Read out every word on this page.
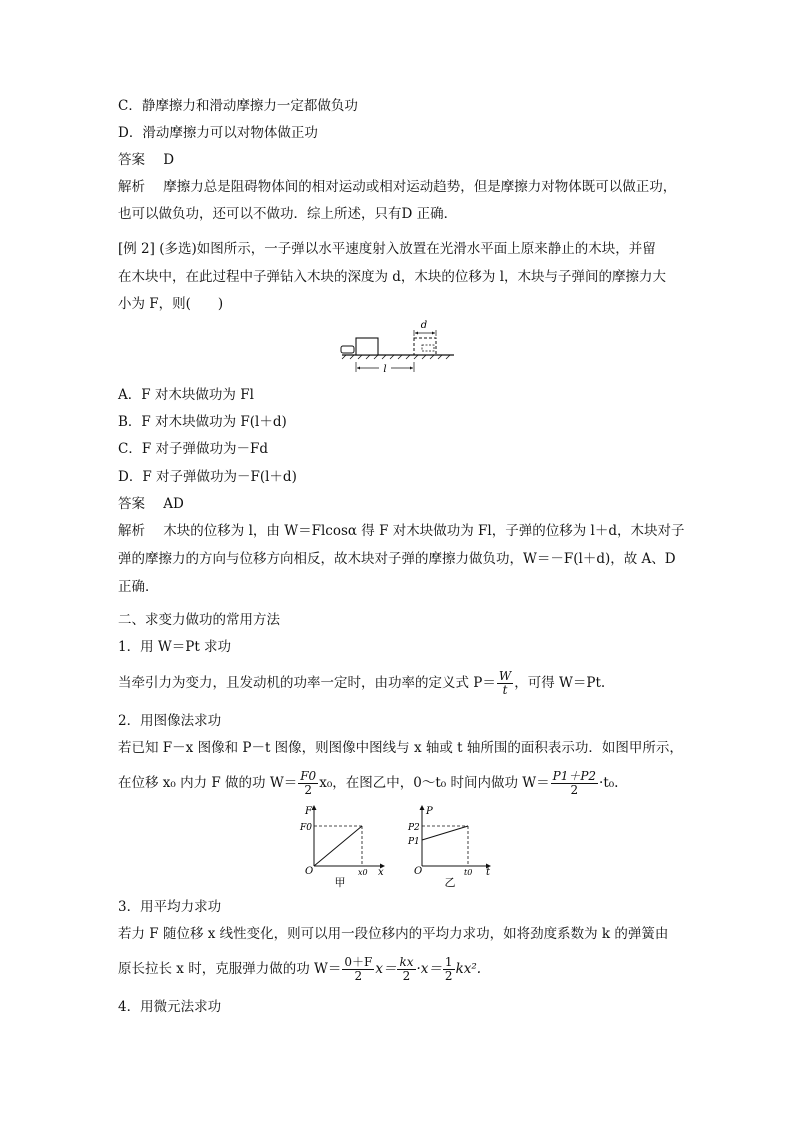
C．静摩擦力和滑动摩擦力一定都做负功
D．滑动摩擦力可以对物体做正功
答案 D
解析 摩擦力总是阻碍物体间的相对运动或相对运动趋势，但是摩擦力对物体既可以做正功，
也可以做负功，还可以不做功．综上所述，只有D 正确．
[例 2] (多选)如图所示，一子弹以水平速度射入放置在光滑水平面上原来静止的木块，并留
在木块中，在此过程中子弹钻入木块的深度为 d，木块的位移为 l，木块与子弹间的摩擦力大
小为 F，则(　　)
d
l
A．F 对木块做功为 Fl
B．F 对木块做功为 F(l＋d)
C．F 对子弹做功为－Fd
D．F 对子弹做功为－F(l＋d)
答案 AD
解析 木块的位移为 l，由 W＝Flcosα 得 F 对木块做功为 Fl，子弹的位移为 l＋d，木块对子
弹的摩擦力的方向与位移方向相反，故木块对子弹的摩擦力做负功，W＝－F(l＋d)，故 A、D
正确．
二、求变力做功的常用方法
1．用 W＝Pt 求功
当牵引力为变力，且发动机的功率一定时，由功率的定义式 $P= \frac{W}{t}$ ，可得 W＝Pt.
2．用图像法求功
若已知 F－x 图像和 P－t 图像，则图像中图线与 x 轴或 t 轴所围的面积表示功．如图甲所示，
在位移 x₀ 内力 F 做的功 $W= \frac{F0}{2} x_0$，在图乙中，0～t₀ 时间内做功 $W= \frac{P1+P2}{2} \cdot t_0$.
F
F0
O	x0 x
甲
P
P2
P1
O	t0 t
乙
3．用平均力求功
若力 F 随位移 x 线性变化，则可以用一段位移内的平均力求功，如将劲度系数为 k 的弹簧由
原长拉长 x 时，克服弹力做的功 $W= \frac{0+F}{2} x= \frac{kx}{2} \cdot x= \frac{1}{2} kx^2$.
4．用微元法求功
